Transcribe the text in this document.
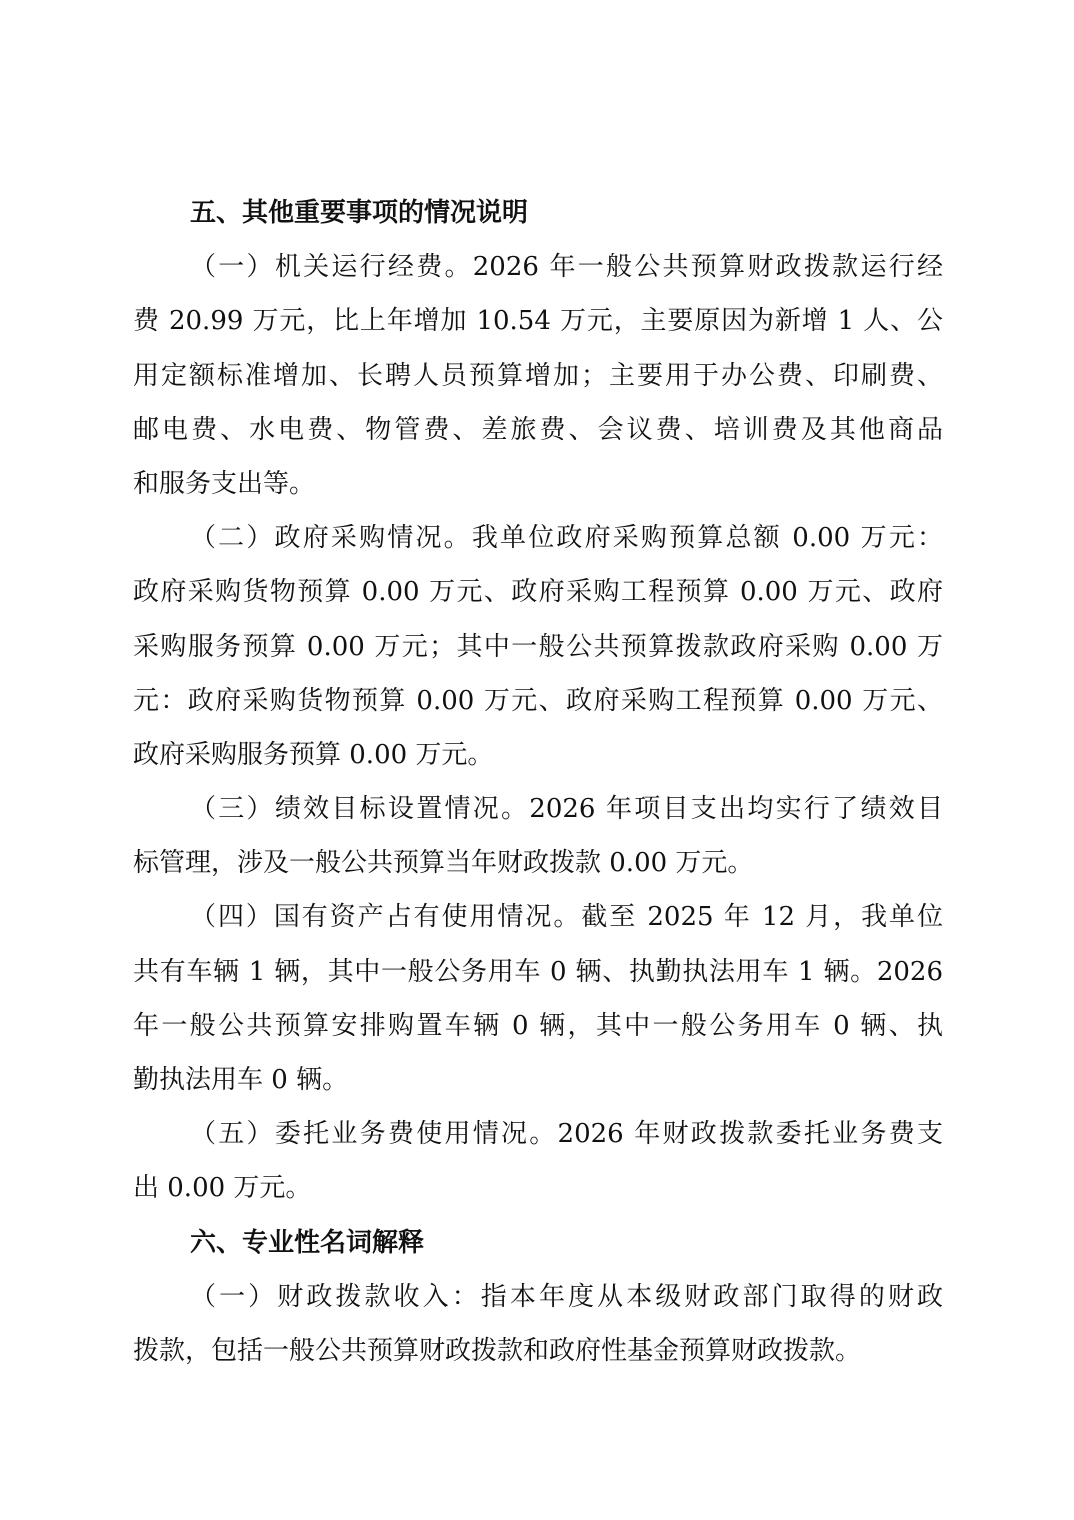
五、其他重要事项的情况说明
（一）机关运行经费。2026 年一般公共预算财政拨款运行经
费 20.99 万元，比上年增加 10.54 万元，主要原因为新增 1 人、公
用定额标准增加、长聘人员预算增加；主要用于办公费、印刷费、
邮电费、水电费、物管费、差旅费、会议费、培训费及其他商品
和服务支出等。
（二）政府采购情况。我单位政府采购预算总额 0.00 万元：
政府采购货物预算 0.00 万元、政府采购工程预算 0.00 万元、政府
采购服务预算 0.00 万元；其中一般公共预算拨款政府采购 0.00 万
元：政府采购货物预算 0.00 万元、政府采购工程预算 0.00 万元、
政府采购服务预算 0.00 万元。
（三）绩效目标设置情况。2026 年项目支出均实行了绩效目
标管理，涉及一般公共预算当年财政拨款 0.00 万元。
（四）国有资产占有使用情况。截至 2025 年 12 月，我单位
共有车辆 1 辆，其中一般公务用车 0 辆、执勤执法用车 1 辆。2026
年一般公共预算安排购置车辆 0 辆，其中一般公务用车 0 辆、执
勤执法用车 0 辆。
（五）委托业务费使用情况。2026 年财政拨款委托业务费支
出 0.00 万元。
六、专业性名词解释
（一）财政拨款收入：指本年度从本级财政部门取得的财政
拨款，包括一般公共预算财政拨款和政府性基金预算财政拨款。
